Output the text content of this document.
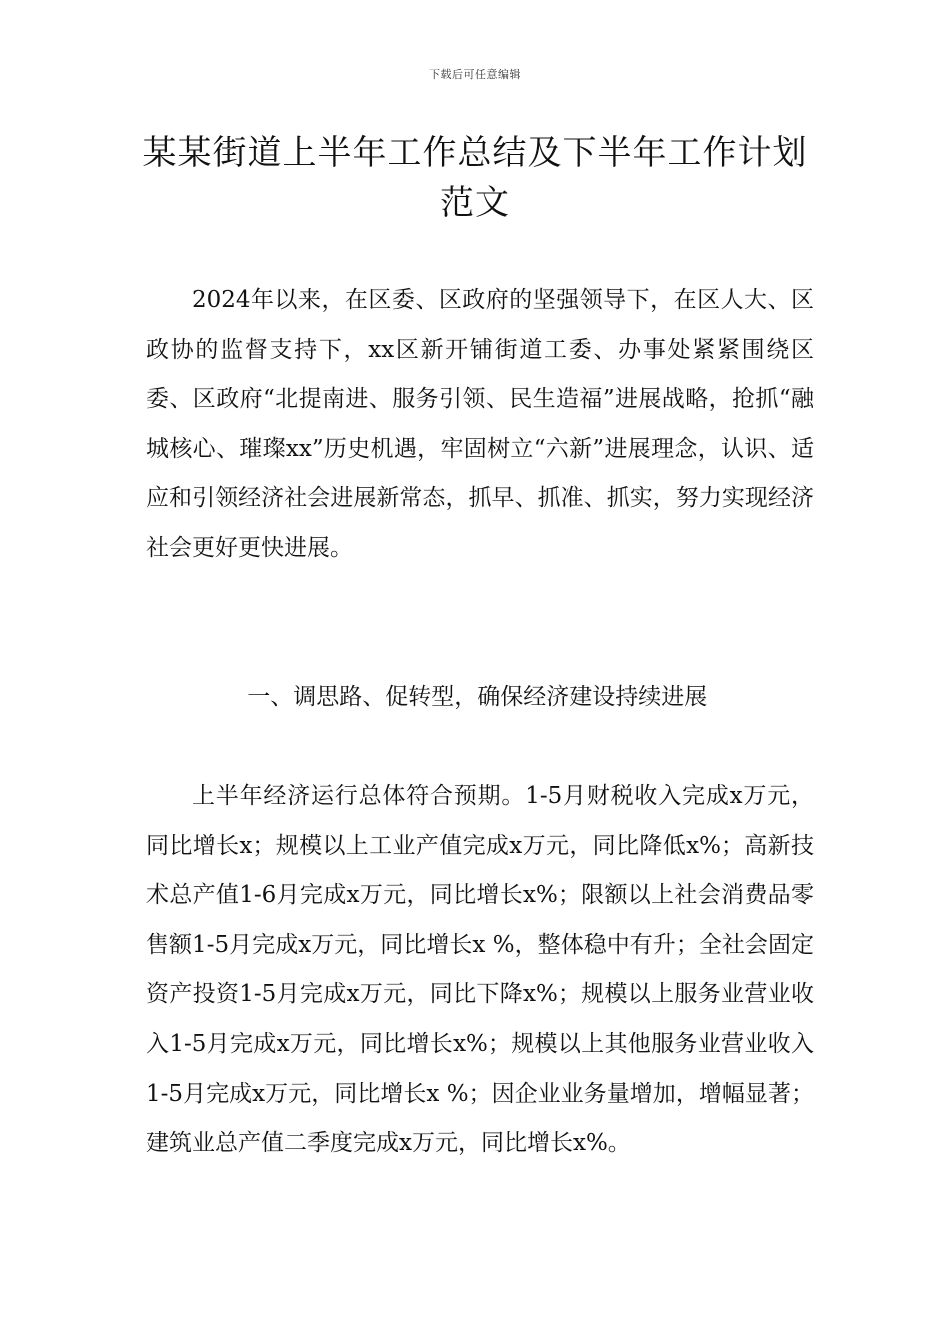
下载后可任意编辑
某某街道上半年工作总结及下半年工作计划范文

2024年以来，在区委、区政府的坚强领导下，在区人大、区政协的监督支持下，xx区新开铺街道工委、办事处紧紧围绕区委、区政府“北提南进、服务引领、民生造福”进展战略，抢抓“融城核心、璀璨xx”历史机遇，牢固树立“六新”进展理念，认识、适应和引领经济社会进展新常态，抓早、抓准、抓实，努力实现经济社会更好更快进展。

一、调思路、促转型，确保经济建设持续进展

上半年经济运行总体符合预期。1-5月财税收入完成x万元，同比增长x；规模以上工业产值完成x万元，同比降低x%；高新技术总产值1-6月完成x万元，同比增长x%；限额以上社会消费品零售额1-5月完成x万元，同比增长x %，整体稳中有升；全社会固定资产投资1-5月完成x万元，同比下降x%；规模以上服务业营业收入1-5月完成x万元，同比增长x%；规模以上其他服务业营业收入1-5月完成x万元，同比增长x %；因企业业务量增加，增幅显著；建筑业总产值二季度完成x万元，同比增长x%。
